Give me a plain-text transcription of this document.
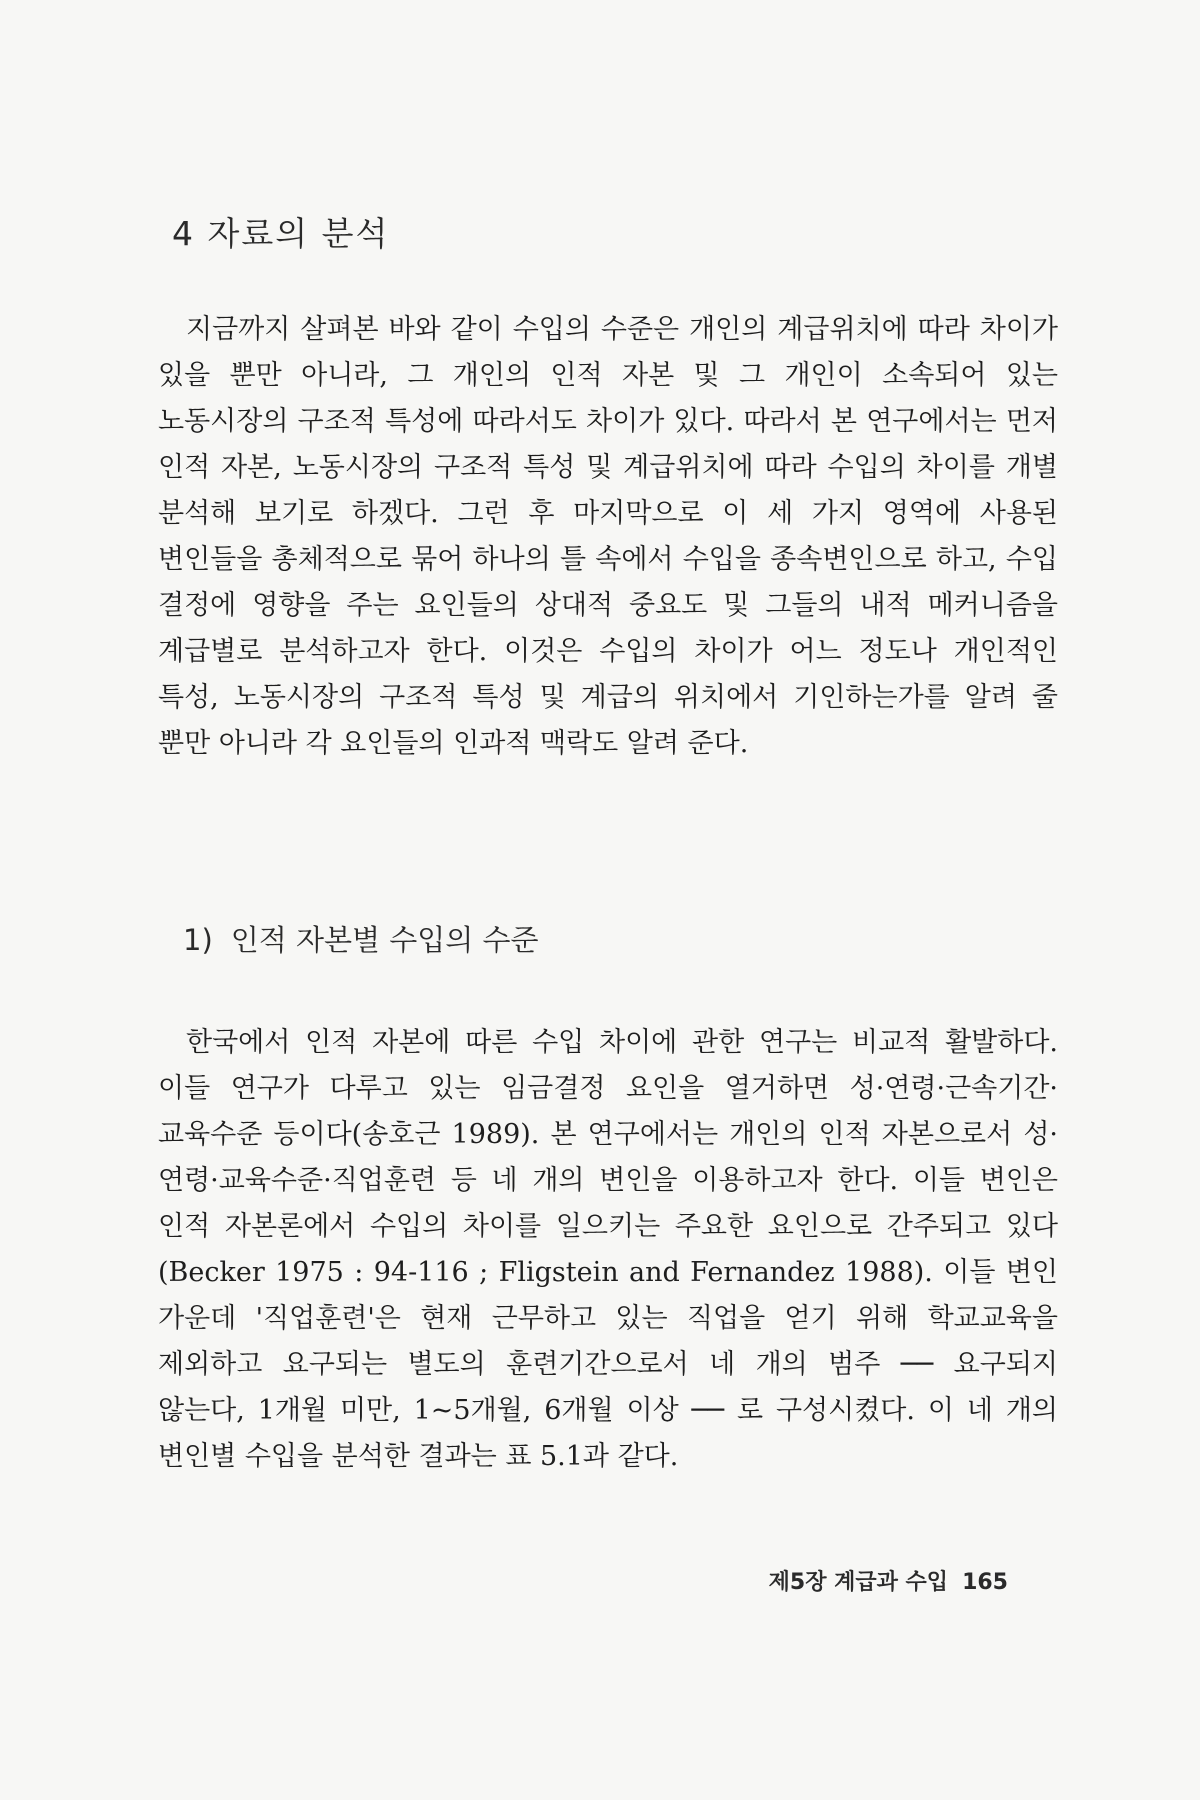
4 자료의 분석

지금까지 살펴본 바와 같이 수입의 수준은 개인의 계급위치에 따라 차이가 있을 뿐만 아니라, 그 개인의 인적 자본 및 그 개인이 소속되어 있는 노동시장의 구조적 특성에 따라서도 차이가 있다. 따라서 본 연구에서는 먼저 인적 자본, 노동시장의 구조적 특성 및 계급위치에 따라 수입의 차이를 개별 분석해 보기로 하겠다. 그런 후 마지막으로 이 세 가지 영역에 사용된 변인들을 총체적으로 묶어 하나의 틀 속에서 수입을 종속변인으로 하고, 수입 결정에 영향을 주는 요인들의 상대적 중요도 및 그들의 내적 메커니즘을 계급별로 분석하고자 한다. 이것은 수입의 차이가 어느 정도나 개인적인 특성, 노동시장의 구조적 특성 및 계급의 위치에서 기인하는가를 알려 줄 뿐만 아니라 각 요인들의 인과적 맥락도 알려 준다.

1) 인적 자본별 수입의 수준

한국에서 인적 자본에 따른 수입 차이에 관한 연구는 비교적 활발하다. 이들 연구가 다루고 있는 임금결정 요인을 열거하면 성·연령·근속기간·교육수준 등이다(송호근 1989). 본 연구에서는 개인의 인적 자본으로서 성·연령·교육수준·직업훈련 등 네 개의 변인을 이용하고자 한다. 이들 변인은 인적 자본론에서 수입의 차이를 일으키는 주요한 요인으로 간주되고 있다(Becker 1975 : 94-116 ; Fligstein and Fernandez 1988). 이들 변인 가운데 '직업훈련'은 현재 근무하고 있는 직업을 얻기 위해 학교교육을 제외하고 요구되는 별도의 훈련기간으로서 네 개의 범주 ── 요구되지 않는다, 1개월 미만, 1~5개월, 6개월 이상 ── 로 구성시켰다. 이 네 개의 변인별 수입을 분석한 결과는 표 5.1과 같다.

제5장 계급과 수입 165
